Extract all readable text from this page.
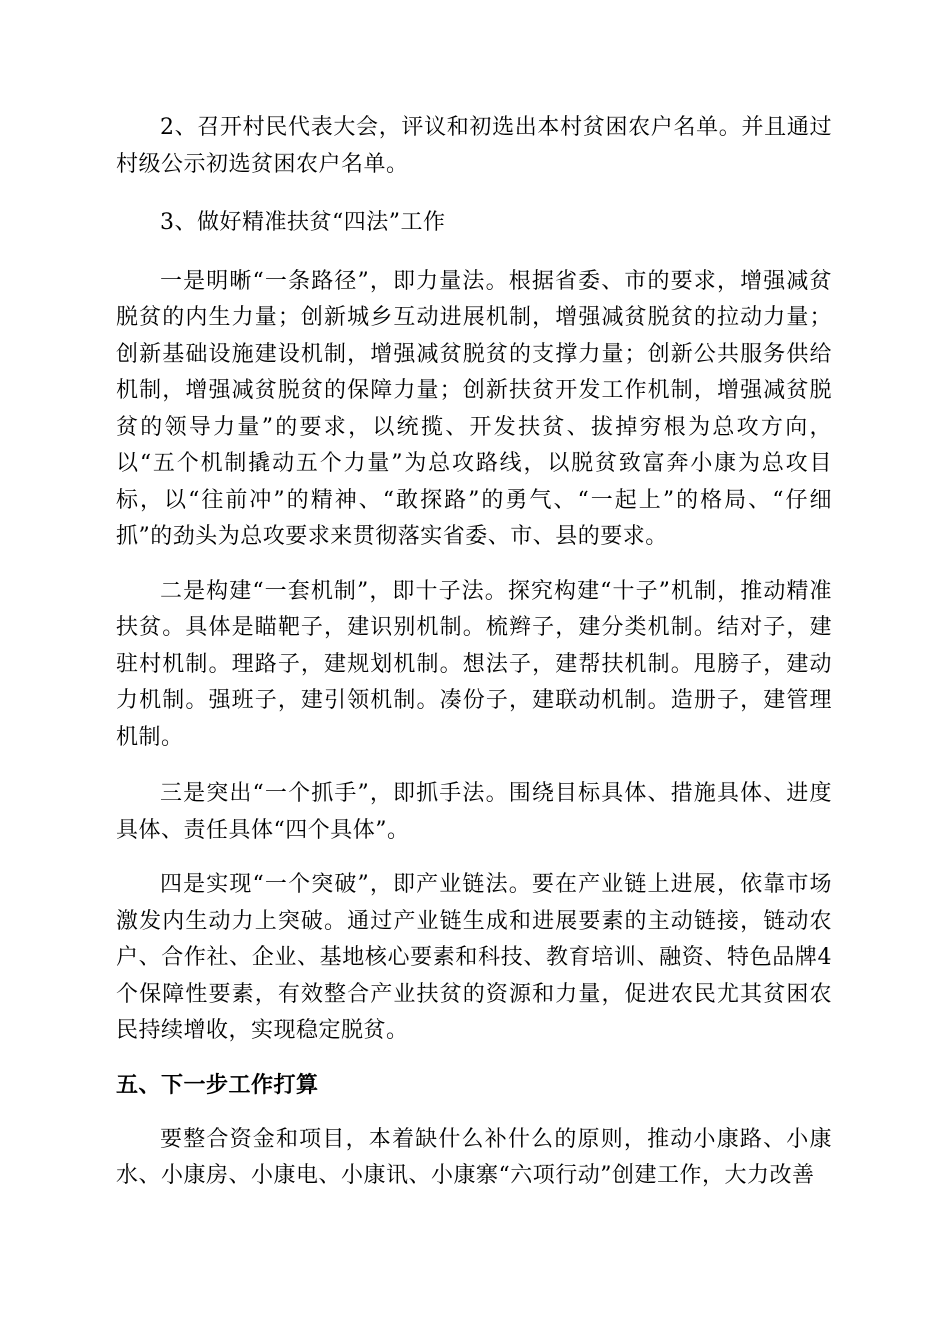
2、召开村民代表大会，评议和初选出本村贫困农户名单。并且通过村级公示初选贫困农户名单。

3、做好精准扶贫“四法”工作

一是明晰“一条路径”，即力量法。根据省委、市的要求，增强减贫脱贫的内生力量；创新城乡互动进展机制，增强减贫脱贫的拉动力量；创新基础设施建设机制，增强减贫脱贫的支撑力量；创新公共服务供给机制，增强减贫脱贫的保障力量；创新扶贫开发工作机制，增强减贫脱贫的领导力量”的要求，以统揽、开发扶贫、拔掉穷根为总攻方向，以“五个机制撬动五个力量”为总攻路线，以脱贫致富奔小康为总攻目标，以“往前冲”的精神、“敢探路”的勇气、“一起上”的格局、“仔细抓”的劲头为总攻要求来贯彻落实省委、市、县的要求。

二是构建“一套机制”，即十子法。探究构建“十子”机制，推动精准扶贫。具体是瞄靶子，建识别机制。梳辫子，建分类机制。结对子，建驻村机制。理路子，建规划机制。想法子，建帮扶机制。甩膀子，建动力机制。强班子，建引领机制。凑份子，建联动机制。造册子，建管理机制。

三是突出“一个抓手”，即抓手法。围绕目标具体、措施具体、进度具体、责任具体“四个具体”。

四是实现“一个突破”，即产业链法。要在产业链上进展，依靠市场激发内生动力上突破。通过产业链生成和进展要素的主动链接，链动农户、合作社、企业、基地核心要素和科技、教育培训、融资、特色品牌4个保障性要素，有效整合产业扶贫的资源和力量，促进农民尤其贫困农民持续增收，实现稳定脱贫。

五、下一步工作打算

要整合资金和项目，本着缺什么补什么的原则，推动小康路、小康水、小康房、小康电、小康讯、小康寨“六项行动”创建工作，大力改善
